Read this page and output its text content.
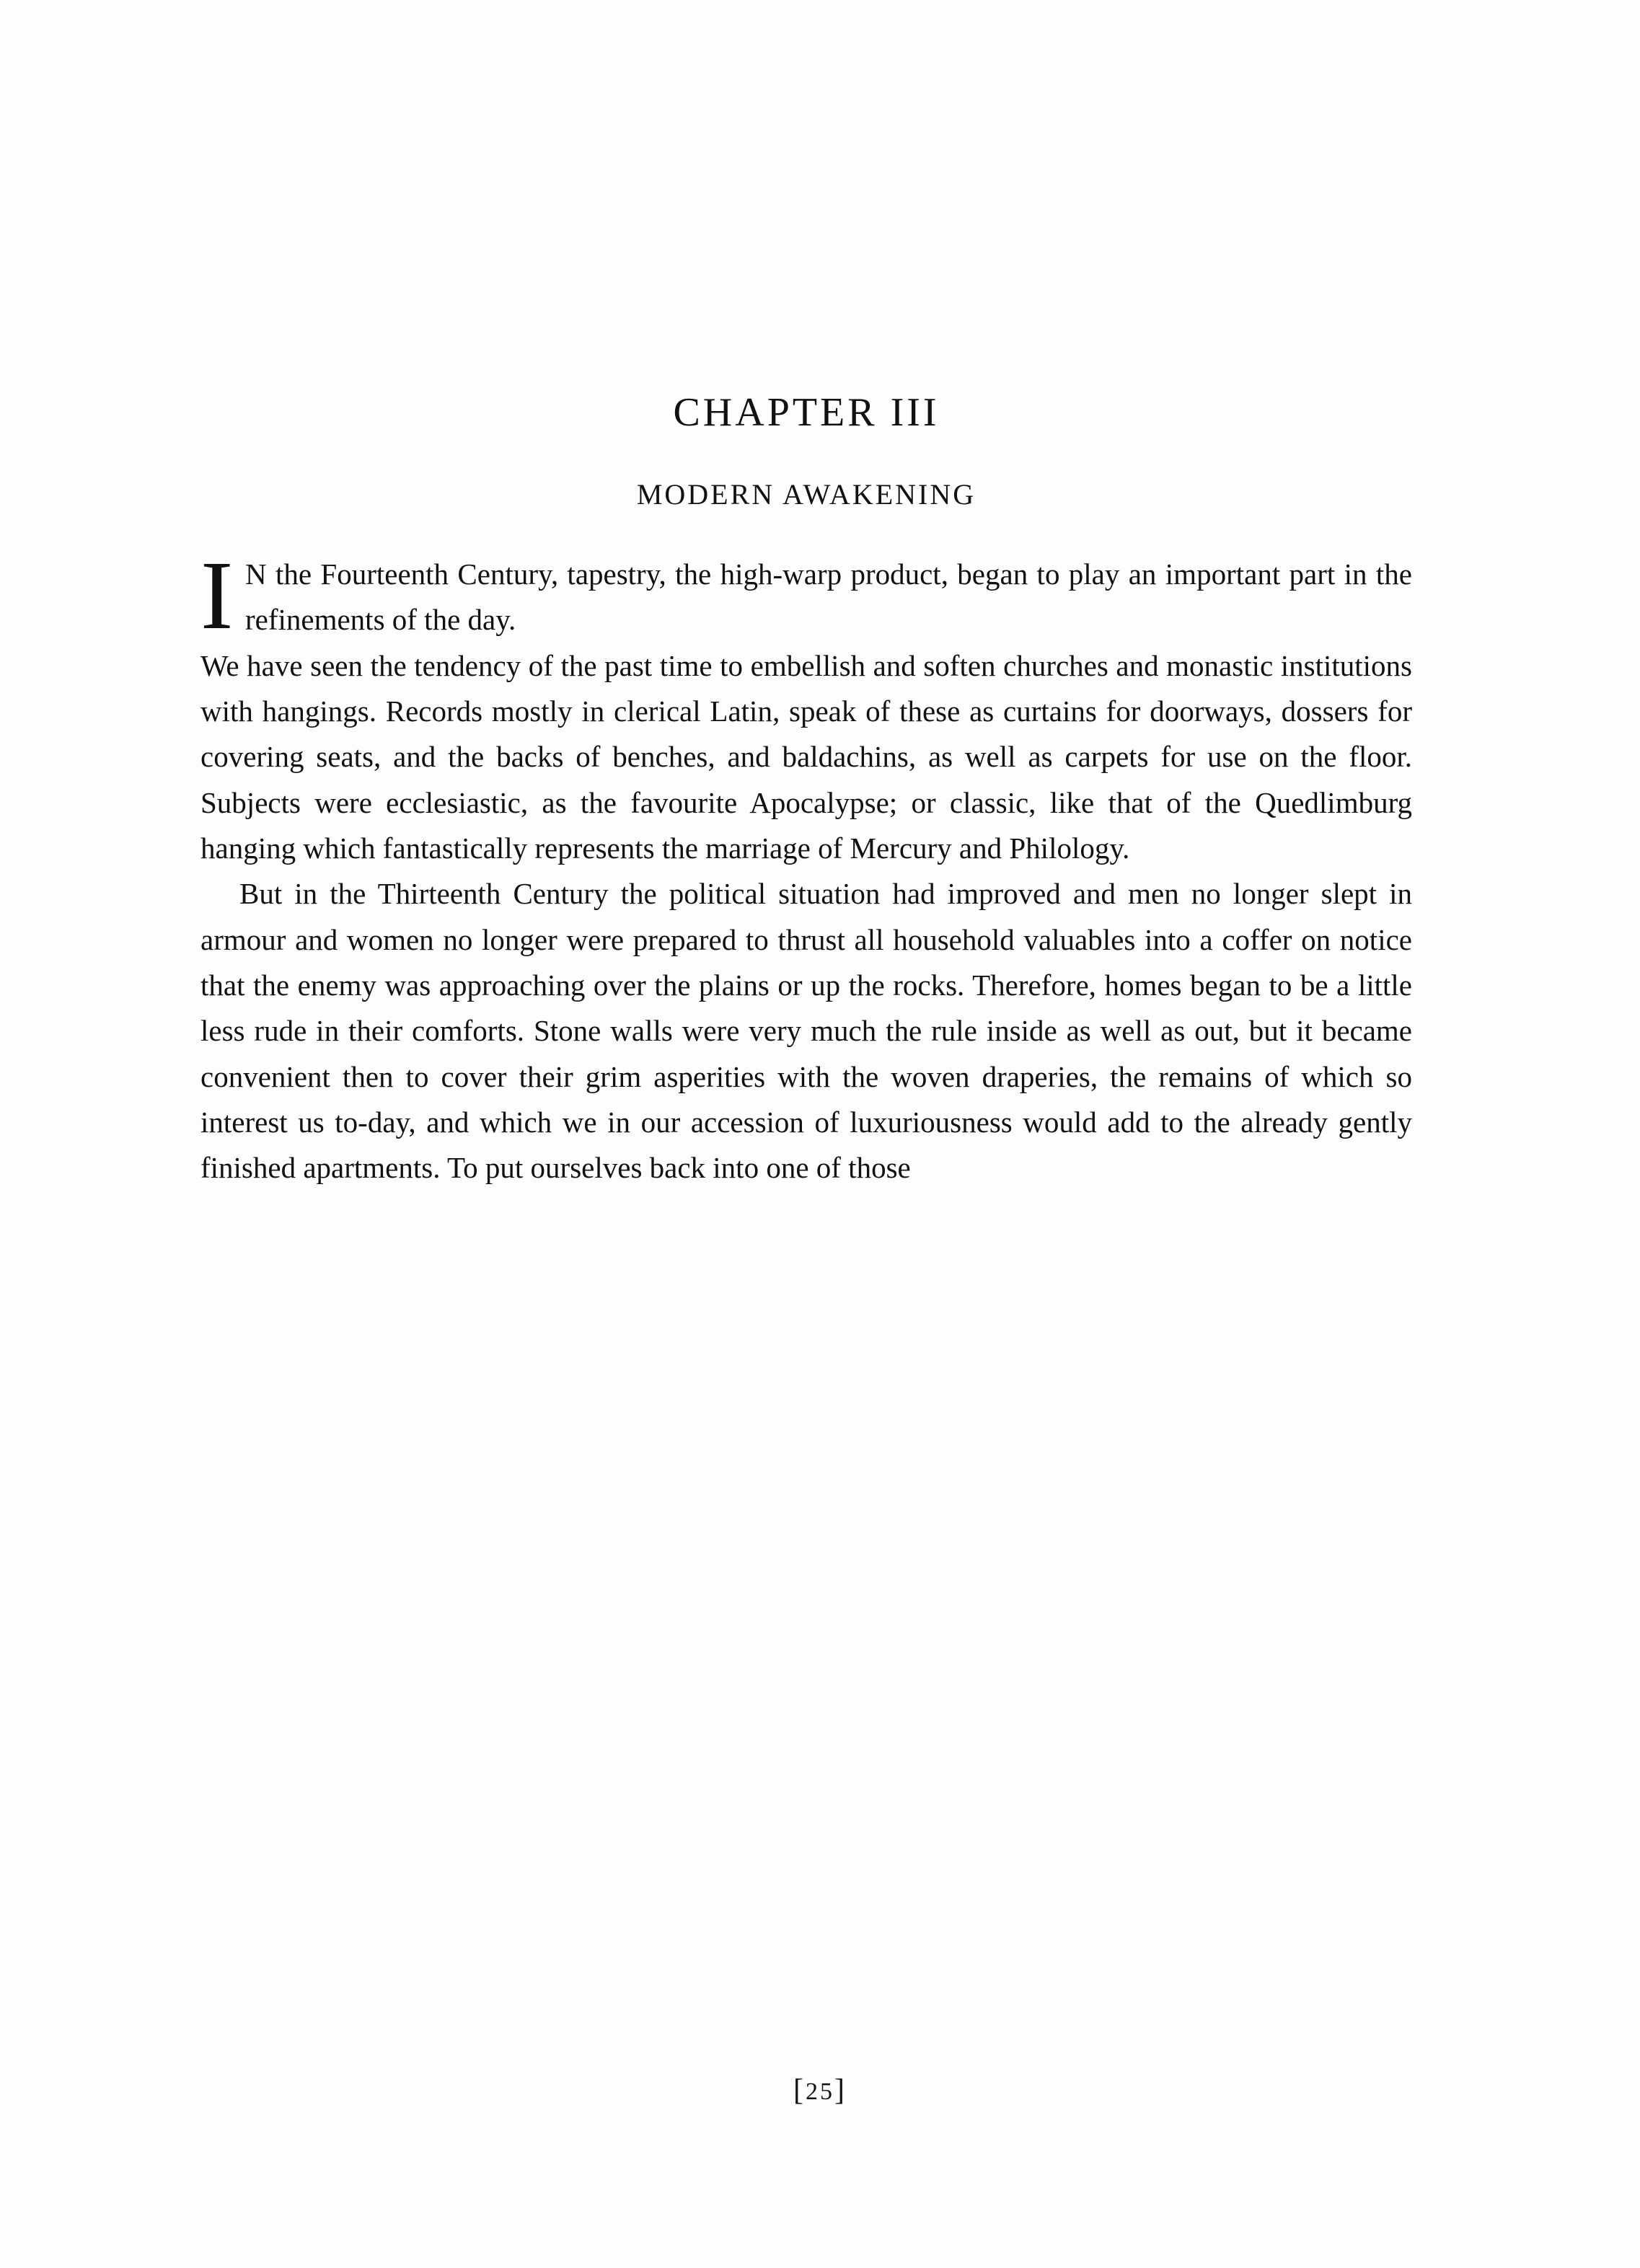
CHAPTER III
MODERN AWAKENING
I N the Fourteenth Century, tapestry, the high-warp product, began to play an important part in the refinements of the day.

We have seen the tendency of the past time to embellish and soften churches and monastic institutions with hangings. Records mostly in clerical Latin, speak of these as curtains for doorways, dossers for covering seats, and the backs of benches, and baldachins, as well as carpets for use on the floor. Subjects were ecclesiastic, as the favourite Apocalypse; or classic, like that of the Quedlimburg hanging which fantastically represents the marriage of Mercury and Philology.

But in the Thirteenth Century the political situation had improved and men no longer slept in armour and women no longer were prepared to thrust all household valuables into a coffer on notice that the enemy was approaching over the plains or up the rocks. Therefore, homes began to be a little less rude in their comforts. Stone walls were very much the rule inside as well as out, but it became convenient then to cover their grim asperities with the woven draperies, the remains of which so interest us to-day, and which we in our accession of luxuriousness would add to the already gently finished apartments. To put ourselves back into one of those

[25]
